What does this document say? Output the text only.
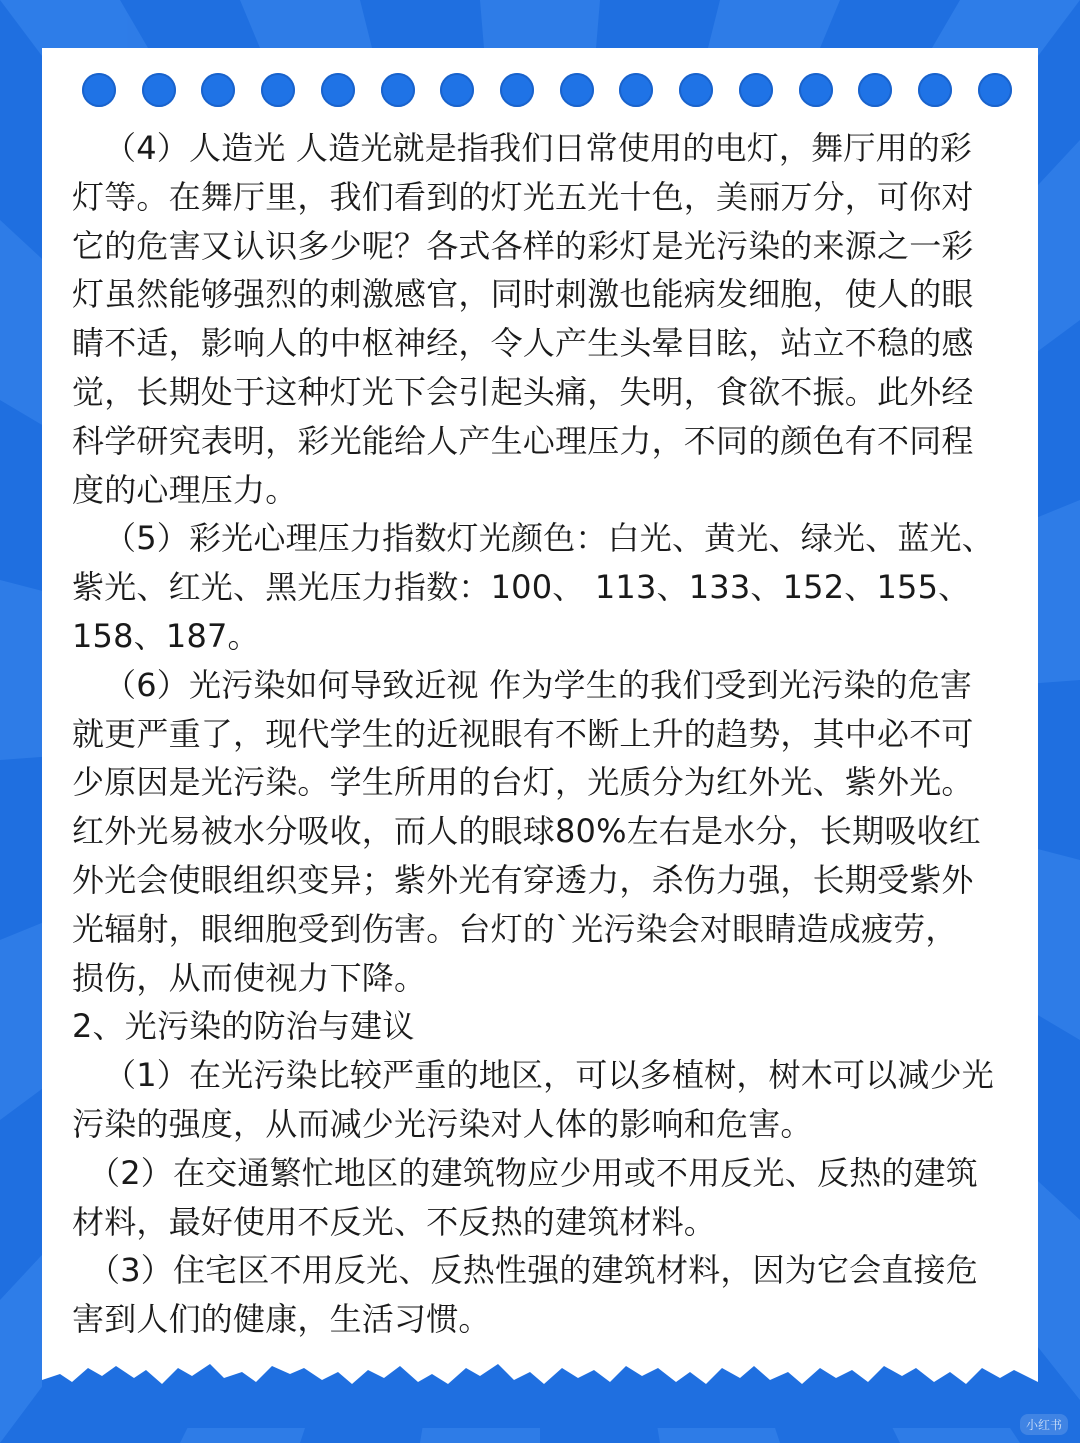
（4）人造光 人造光就是指我们日常使用的电灯，舞厅用的彩
灯等。在舞厅里，我们看到的灯光五光十色，美丽万分，可你对
它的危害又认识多少呢？各式各样的彩灯是光污染的来源之一彩
灯虽然能够强烈的刺激感官，同时刺激也能病发细胞，使人的眼
睛不适，影响人的中枢神经，令人产生头晕目眩，站立不稳的感
觉，长期处于这种灯光下会引起头痛，失明，食欲不振。此外经
科学研究表明，彩光能给人产生心理压力，不同的颜色有不同程
度的心理压力。
（5）彩光心理压力指数灯光颜色：白光、黄光、绿光、蓝光、
紫光、红光、黑光压力指数：100、 113、133、152、155、
158、187。
（6）光污染如何导致近视 作为学生的我们受到光污染的危害
就更严重了，现代学生的近视眼有不断上升的趋势，其中必不可
少原因是光污染。学生所用的台灯，光质分为红外光、紫外光。
红外光易被水分吸收，而人的眼球80%左右是水分，长期吸收红
外光会使眼组织变异；紫外光有穿透力，杀伤力强，长期受紫外
光辐射，眼细胞受到伤害。台灯的`光污染会对眼睛造成疲劳，
损伤，从而使视力下降。
2、光污染的防治与建议
（1）在光污染比较严重的地区，可以多植树，树木可以减少光
污染的强度，从而减少光污染对人体的影响和危害。
（2）在交通繁忙地区的建筑物应少用或不用反光、反热的建筑
材料，最好使用不反光、不反热的建筑材料。
（3）住宅区不用反光、反热性强的建筑材料，因为它会直接危
害到人们的健康，生活习惯。
小红书
